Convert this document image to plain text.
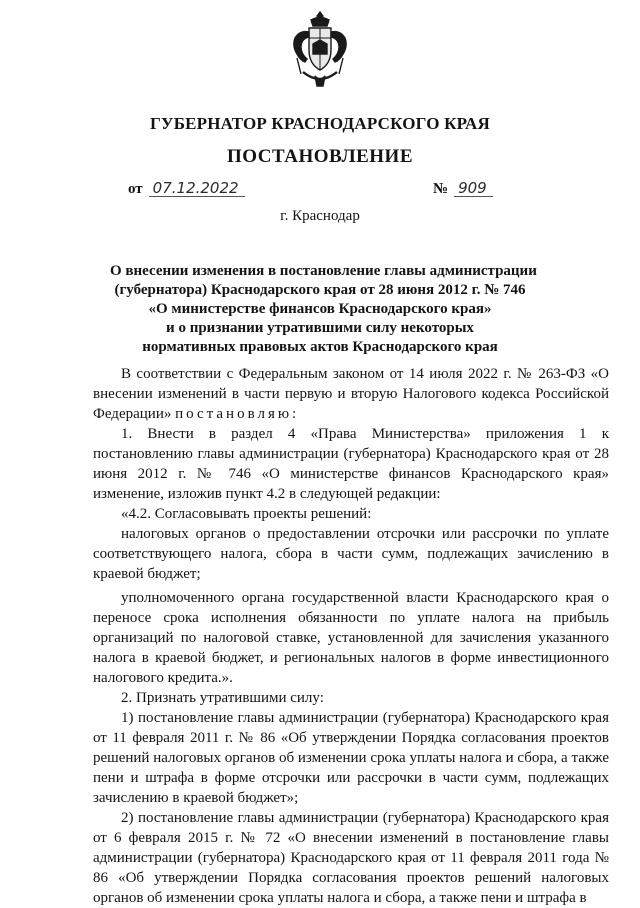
ГУБЕРНАТОР КРАСНОДАРСКОГО КРАЯ
ПОСТАНОВЛЕНИЕ
от 07.12.2022	№ 909
г. Краснодар
О внесении изменения в постановление главы администрации
(губернатора) Краснодарского края от 28 июня 2012 г. № 746
«О министерстве финансов Краснодарского края»
и о признании утратившими силу некоторых
нормативных правовых актов Краснодарского края

В соответствии с Федеральным законом от 14 июля 2022 г. № 263-ФЗ «О внесении изменений в части первую и вторую Налогового кодекса Российской Федерации» постановляю:

1. Внести в раздел 4 «Права Министерства» приложения 1 к постановлению главы администрации (губернатора) Краснодарского края от 28 июня 2012 г. № 746 «О министерстве финансов Краснодарского края» изменение, изложив пункт 4.2 в следующей редакции:

«4.2. Согласовывать проекты решений:

налоговых органов о предоставлении отсрочки или рассрочки по уплате соответствующего налога, сбора в части сумм, подлежащих зачислению в краевой бюджет;

уполномоченного органа государственной власти Краснодарского края о переносе срока исполнения обязанности по уплате налога на прибыль организаций по налоговой ставке, установленной для зачисления указанного налога в краевой бюджет, и региональных налогов в форме инвестиционного налогового кредита.».

2. Признать утратившими силу:

1) постановление главы администрации (губернатора) Краснодарского края от 11 февраля 2011 г. № 86 «Об утверждении Порядка согласования проектов решений налоговых органов об изменении срока уплаты налога и сбора, а также пени и штрафа в форме отсрочки или рассрочки в части сумм, подлежащих зачислению в краевой бюджет»;

2) постановление главы администрации (губернатора) Краснодарского края от 6 февраля 2015 г. № 72 «О внесении изменений в постановление главы администрации (губернатора) Краснодарского края от 11 февраля 2011 года № 86 «Об утверждении Порядка согласования проектов решений налоговых органов об изменении срока уплаты налога и сбора, а также пени и штрафа в
